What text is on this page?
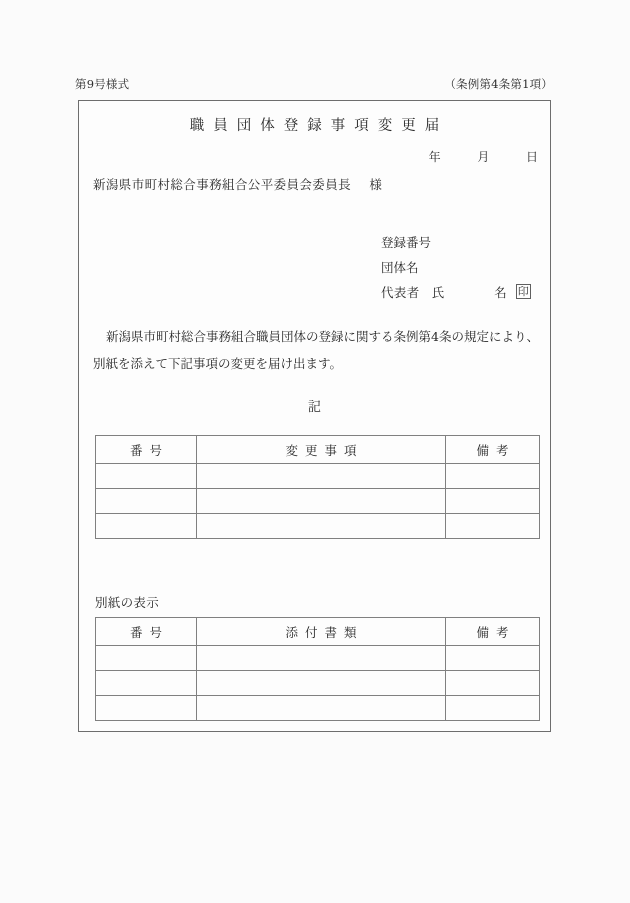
第9号様式	（条例第4条第1項）
職員団体登録事項変更届
年	月	日
新潟県市町村総合事務組合公平委員会委員長 様
登録番号
団体名
代表者 氏	名 印
新潟県市町村総合事務組合職員団体の登録に関する条例第4条の規定により、別紙を添えて下記事項の変更を届け出ます。
記
番号	変更事項	備考

別紙の表示
番号	添付書類	備考
